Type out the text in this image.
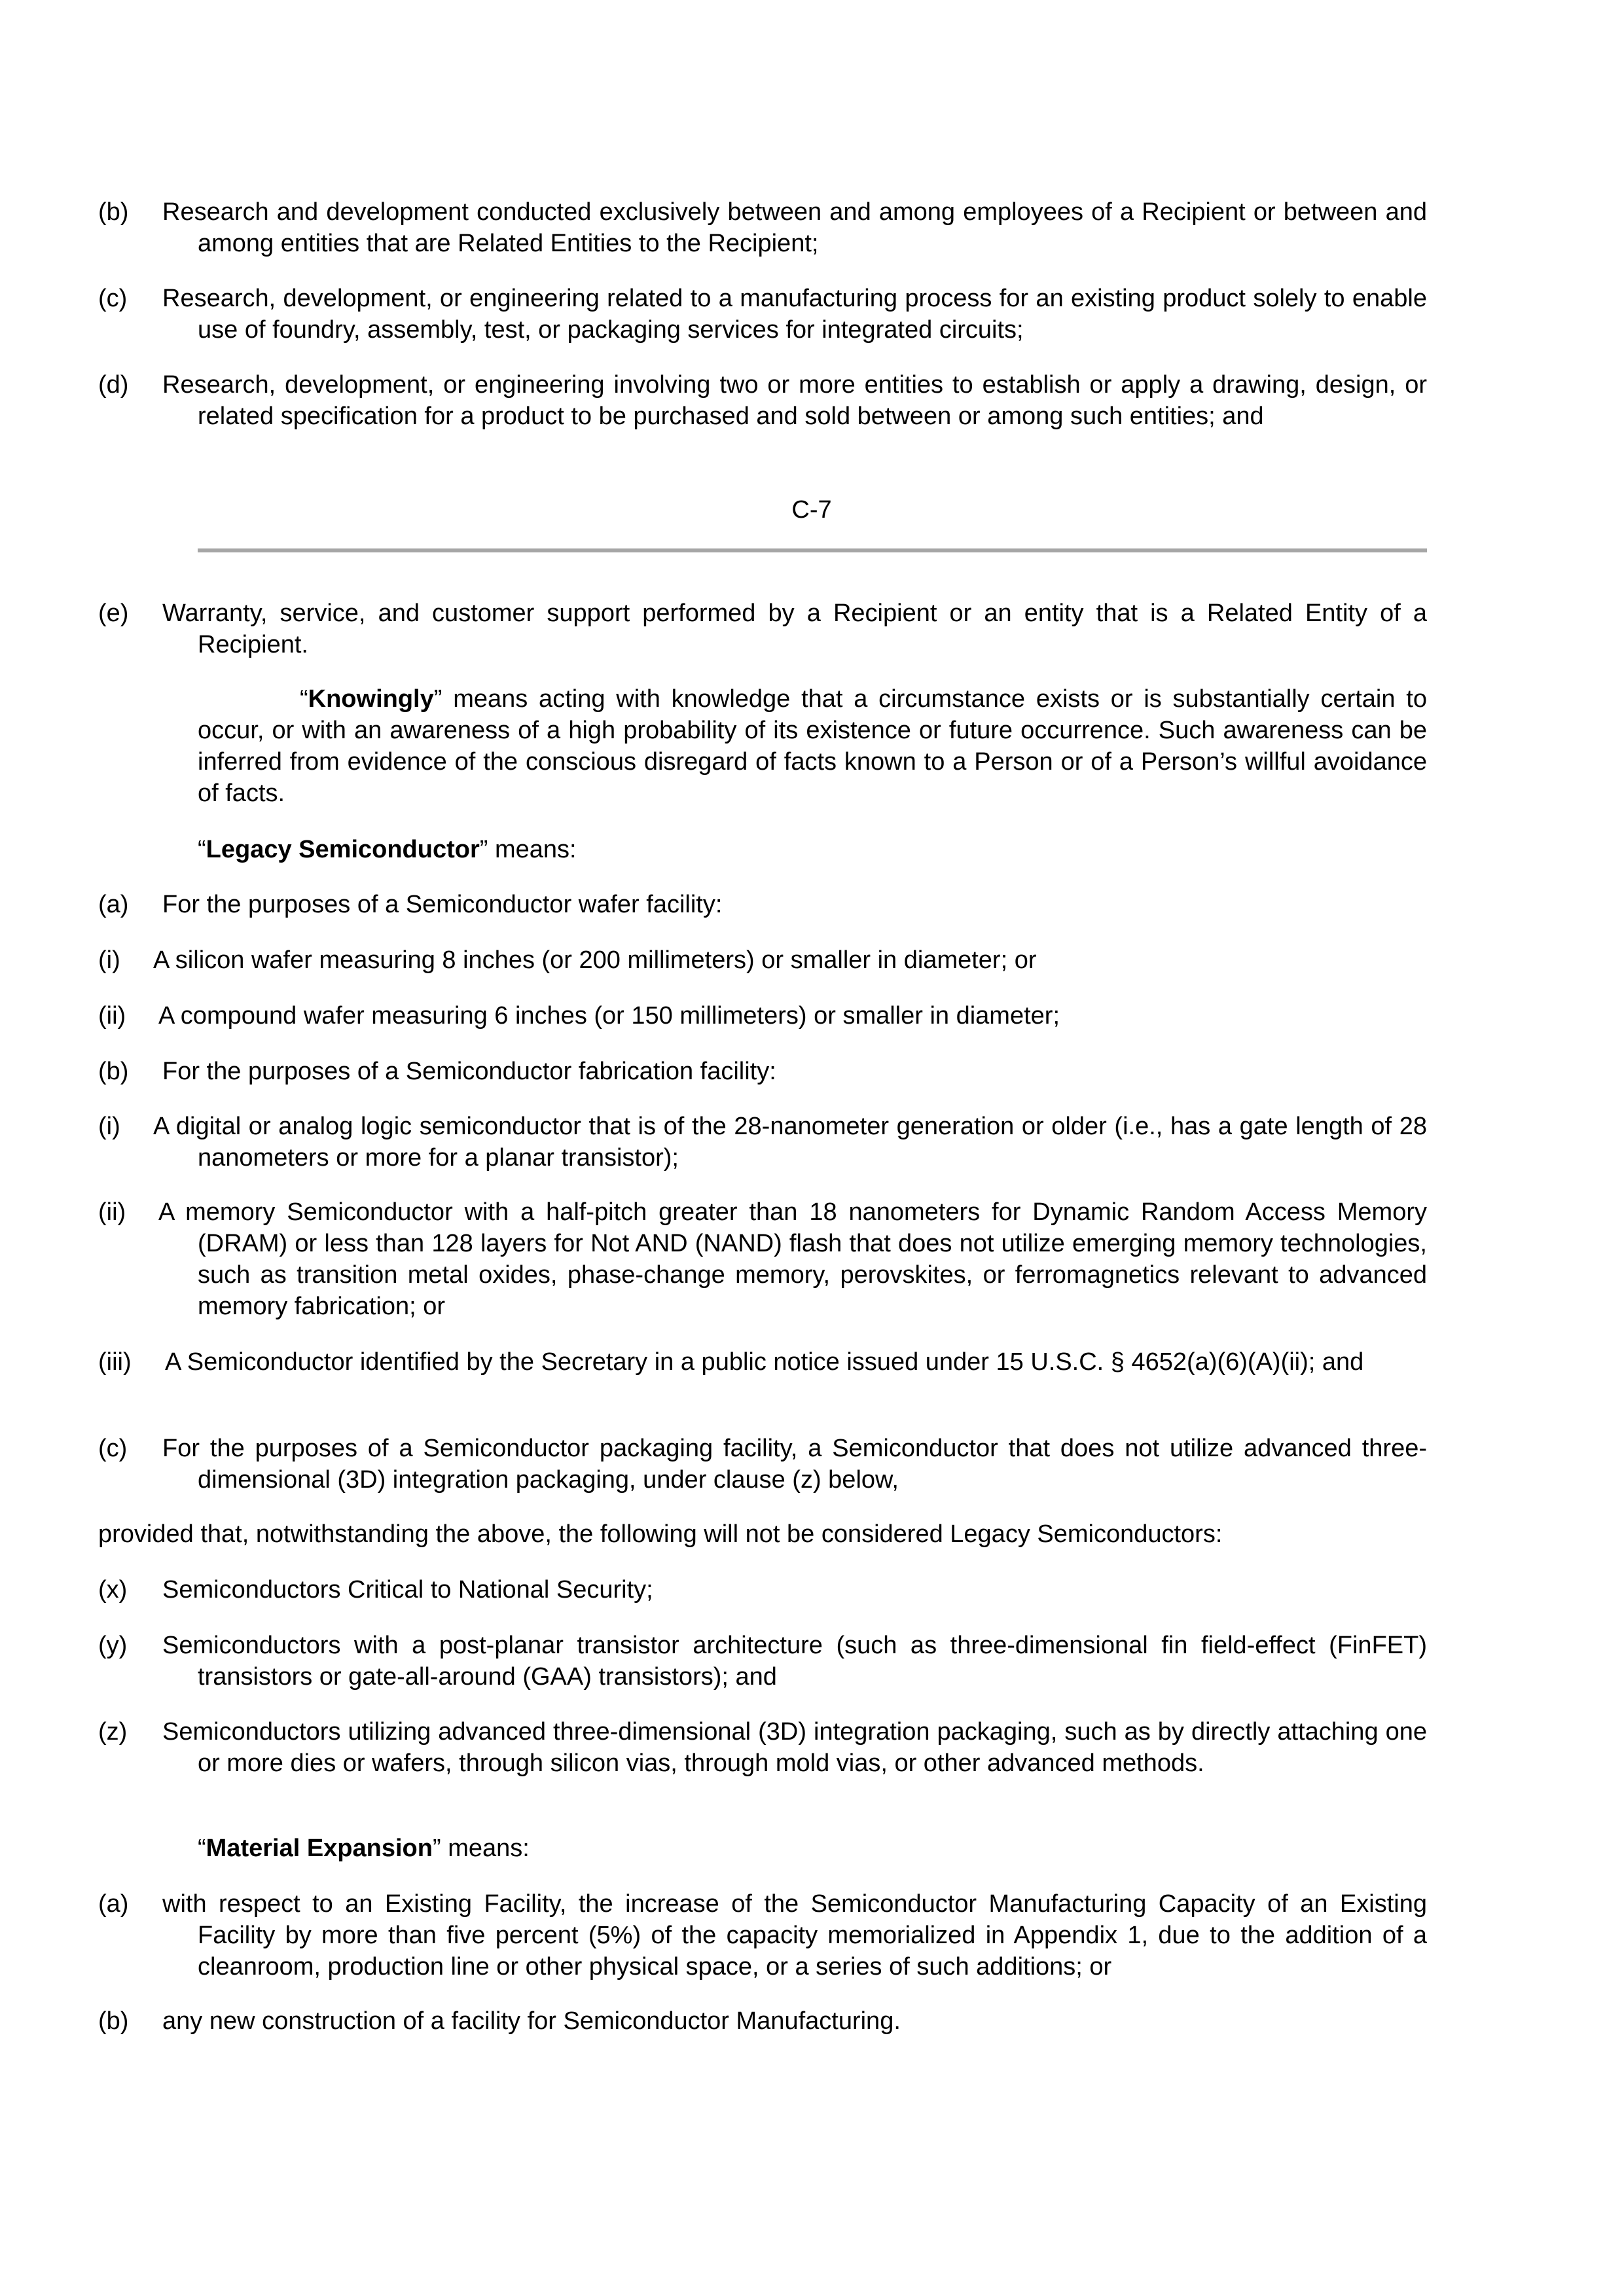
(b)	Research and development conducted exclusively between and among employees of a Recipient or between and among entities that are Related Entities to the Recipient;
(c)	Research, development, or engineering related to a manufacturing process for an existing product solely to enable use of foundry, assembly, test, or packaging services for integrated circuits;
(d)	Research, development, or engineering involving two or more entities to establish or apply a drawing, design, or related specification for a product to be purchased and sold between or among such entities; and
C-7
(e)	Warranty, service, and customer support performed by a Recipient or an entity that is a Related Entity of a Recipient.
“Knowingly” means acting with knowledge that a circumstance exists or is substantially certain to occur, or with an awareness of a high probability of its existence or future occurrence. Such awareness can be inferred from evidence of the conscious disregard of facts known to a Person or of a Person’s willful avoidance of facts.
“Legacy Semiconductor” means:
(a)	For the purposes of a Semiconductor wafer facility:
(i)	A silicon wafer measuring 8 inches (or 200 millimeters) or smaller in diameter; or
(ii)	A compound wafer measuring 6 inches (or 150 millimeters) or smaller in diameter;
(b)	For the purposes of a Semiconductor fabrication facility:
(i)	A digital or analog logic semiconductor that is of the 28-nanometer generation or older (i.e., has a gate length of 28 nanometers or more for a planar transistor);
(ii)	A memory Semiconductor with a half-pitch greater than 18 nanometers for Dynamic Random Access Memory (DRAM) or less than 128 layers for Not AND (NAND) flash that does not utilize emerging memory technologies, such as transition metal oxides, phase-change memory, perovskites, or ferromagnetics relevant to advanced memory fabrication; or
(iii)	A Semiconductor identified by the Secretary in a public notice issued under 15 U.S.C. § 4652(a)(6)(A)(ii); and
(c)	For the purposes of a Semiconductor packaging facility, a Semiconductor that does not utilize advanced three-dimensional (3D) integration packaging, under clause (z) below,
provided that, notwithstanding the above, the following will not be considered Legacy Semiconductors:
(x)	Semiconductors Critical to National Security;
(y)	Semiconductors with a post-planar transistor architecture (such as three-dimensional fin field-effect (FinFET) transistors or gate-all-around (GAA) transistors); and
(z)	Semiconductors utilizing advanced three-dimensional (3D) integration packaging, such as by directly attaching one or more dies or wafers, through silicon vias, through mold vias, or other advanced methods.
“Material Expansion” means:
(a)	with respect to an Existing Facility, the increase of the Semiconductor Manufacturing Capacity of an Existing Facility by more than five percent (5%) of the capacity memorialized in Appendix 1, due to the addition of a cleanroom, production line or other physical space, or a series of such additions; or
(b)	any new construction of a facility for Semiconductor Manufacturing.
